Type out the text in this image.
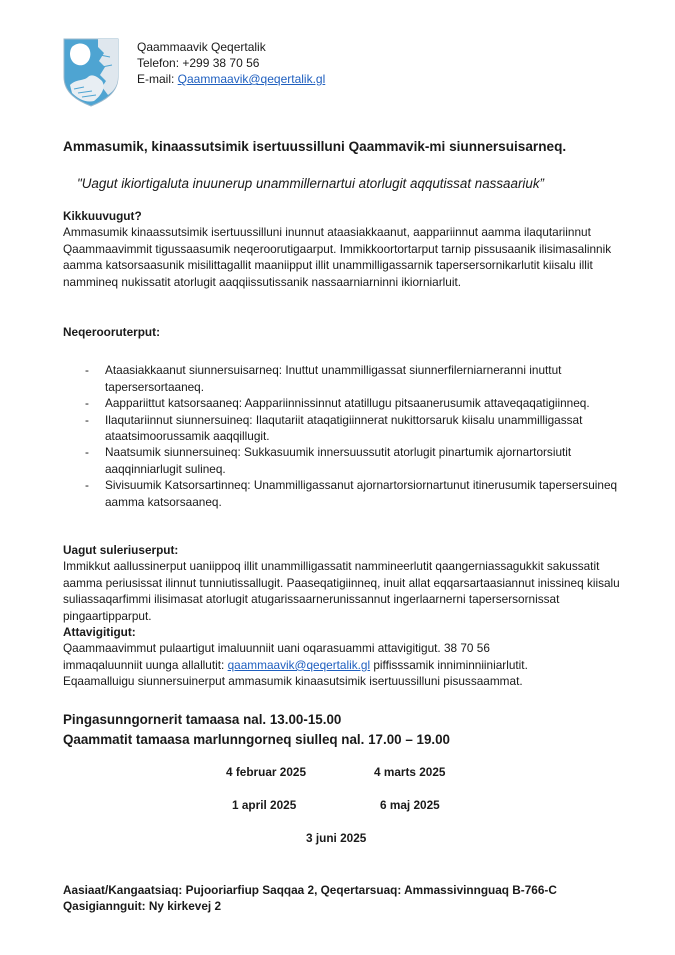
Qaammaavik Qeqertalik
Telefon: +299 38 70 56
E-mail: Qaammaavik@qeqertalik.gl
Ammasumik, kinaassutsimik isertuussilluni Qaammavik-mi siunnersuisarneq.
"Uagut ikiortigaluta inuunerup unammillernartui atorlugit aqqutissat nassaariuk”
Kikkuuvugut?

Ammasumik kinaassutsimik isertuussilluni inunnut ataasiakkaanut, aappariinnut aamma ilaqutariinnut Qaammaavimmit tigussaasumik neqeroorutigaarput. Immikkoortortarput tarnip pissusaanik ilisimasalinnik aamma katsorsaasunik misilittagallit maaniipput illit unammilligassarnik tapersersornikarlutit kiisalu illit nammineq nukissatit atorlugit aaqqiissutissanik nassaarniarninni ikiorniarluit.

Neqerooruterput:
- Ataasiakkaanut siunnersuisarneq: Inuttut unammilligassat siunnerfilerniarneranni inuttut tapersersortaaneq.
- Aappariittut katsorsaaneq: Aappariinnissinnut atatillugu pitsaanerusumik attaveqaqatigiinneq.
- Ilaqutariinnut siunnersuineq: Ilaqutariit ataqatigiinnerat nukittorsaruk kiisalu unammilligassat ataatsimoorussamik aaqqillugit.
- Naatsumik siunnersuineq: Sukkasuumik innersuussutit atorlugit pinartumik ajornartorsiutit aaqqinniarlugit sulineq.
- Sivisuumik Katsorsartinneq: Unammilligassanut ajornartorsiornartunut itinerusumik tapersersuineq aamma katsorsaaneq.
Uagut suleriuserput:

Immikkut aallussinerput uaniippoq illit unammilligassatit nammineerlutit qaangerniassagukkit sakussatit aamma periusissat ilinnut tunniutissallugit. Paaseqatigiinneq, inuit allat eqqarsartaasiannut inissineq kiisalu suliassaqarfimmi ilisimasat atorlugit atugarissaarnerunissannut ingerlaarnerni tapersersornissat pingaartipparput.

Attavigitigut:

Qaammaavimmut pulaartigut imaluunniit uani oqarasuammi attavigitigut. 38 70 56

immaqaluunniit uunga allallutit: qaammaavik@qeqertalik.gl piffisssamik inniminniiniarlutit.

Eqaamalluigu siunnersuinerput ammasumik kinaasutsimik isertuussilluni pisussaammat.

Pingasunngornerit tamaasa nal. 13.00-15.00
Qaammatit tamaasa marlunngorneq siulleq nal. 17.00 – 19.00
4 februar 2025	4 marts 2025
1 april 2025	6 maj 2025
3 juni 2025
Aasiaat/Kangaatsiaq: Pujooriarfiup Saqqaa 2, Qeqertarsuaq: Ammassivinnguaq B-766-C
Qasigiannguit: Ny kirkevej 2
